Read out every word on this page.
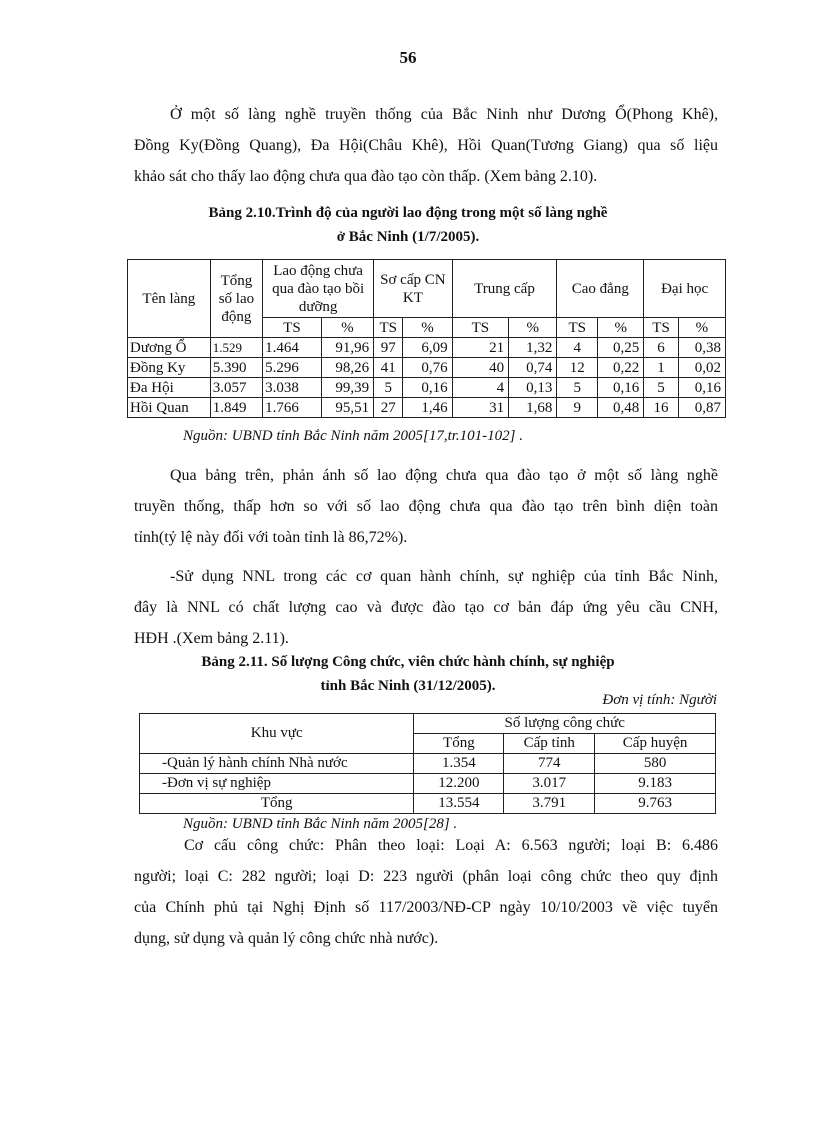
56

Ở một số làng nghề truyền thống của Bắc Ninh như Dương Ổ(Phong Khê),
Đồng Ky(Đồng Quang), Đa Hội(Châu Khê), Hồi Quan(Tương Giang) qua số liệu
khảo sát cho thấy lao động chưa qua đào tạo còn thấp. (Xem bảng 2.10).

Bảng 2.10.Trình độ của người lao động trong một số làng nghề
ở Bắc Ninh (1/7/2005).
Tên làng	Tổng số lao động	Lao động chưa qua đào tạo bồi dưỡng		Sơ cấp CN KT		Trung cấp		Cao đẳng		Đại học	
		TS	%	TS	%	TS	%	TS	%	TS	%
Dương Ổ	1.529	1.464	91,96	97	6,09	21	1,32	4	0,25	6	0,38
Đồng Ky	5.390	5.296	98,26	41	0,76	40	0,74	12	0,22	1	0,02
Đa Hội	3.057	3.038	99,39	5	0,16	4	0,13	5	0,16	5	0,16
Hồi Quan	1.849	1.766	95,51	27	1,46	31	1,68	9	0,48	16	0,87
Nguồn: UBND tỉnh Bắc Ninh năm 2005[17,tr.101-102] .

Qua bảng trên, phản ánh số lao động chưa qua đào tạo ở một số làng nghề
truyền thống, thấp hơn so với số lao động chưa qua đào tạo trên bình diện toàn
tỉnh(tỷ lệ này đối với toàn tỉnh là 86,72%).

-Sử dụng NNL trong các cơ quan hành chính, sự nghiệp của tỉnh Bắc Ninh,
đây là NNL có chất lượng cao và được đào tạo cơ bản đáp ứng yêu cầu CNH,
HĐH .(Xem bảng 2.11).

Bảng 2.11. Số lượng Công chức, viên chức hành chính, sự nghiệp
tỉnh Bắc Ninh (31/12/2005).
Đơn vị tính: Người
Khu vực	Số lượng công chức		
	Tổng	Cấp tỉnh	Cấp huyện
-Quản lý hành chính Nhà nước	1.354	774	580
-Đơn vị sự nghiệp	12.200	3.017	9.183
Tổng	13.554	3.791	9.763
Nguồn: UBND tỉnh Bắc Ninh năm 2005[28] .

Cơ cấu công chức: Phân theo loại: Loại A: 6.563 người; loại B: 6.486
người; loại C: 282 người; loại D: 223 người (phân loại công chức theo quy định
của Chính phủ tại Nghị Định số 117/2003/NĐ-CP ngày 10/10/2003 về việc tuyển
dụng, sử dụng và quản lý công chức nhà nước).
